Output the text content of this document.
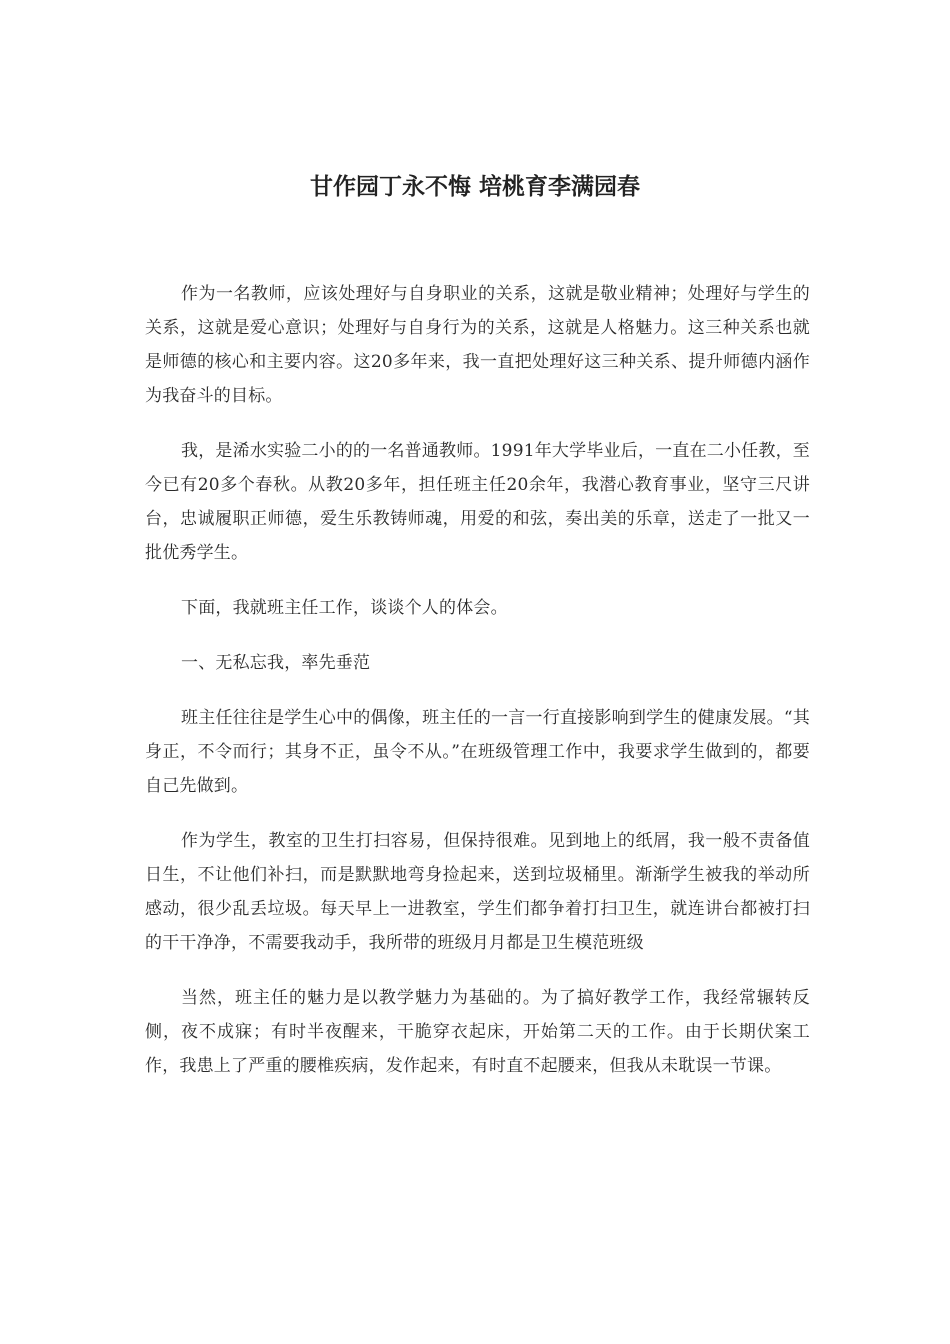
甘作园丁永不悔 培桃育李满园春

作为一名教师，应该处理好与自身职业的关系，这就是敬业精神；处理好与学生的关系，这就是爱心意识；处理好与自身行为的关系，这就是人格魅力。这三种关系也就是师德的核心和主要内容。这20多年来，我一直把处理好这三种关系、提升师德内涵作为我奋斗的目标。

我，是浠水实验二小的的一名普通教师。1991年大学毕业后，一直在二小任教，至今已有20多个春秋。从教20多年，担任班主任20余年，我潜心教育事业，坚守三尺讲台，忠诚履职正师德，爱生乐教铸师魂，用爱的和弦，奏出美的乐章，送走了一批又一批优秀学生。

下面，我就班主任工作，谈谈个人的体会。

一、无私忘我，率先垂范

班主任往往是学生心中的偶像，班主任的一言一行直接影响到学生的健康发展。“其身正，不令而行；其身不正，虽令不从。”在班级管理工作中，我要求学生做到的，都要自己先做到。

作为学生，教室的卫生打扫容易，但保持很难。见到地上的纸屑，我一般不责备值日生，不让他们补扫，而是默默地弯身捡起来，送到垃圾桶里。渐渐学生被我的举动所感动，很少乱丢垃圾。每天早上一进教室，学生们都争着打扫卫生，就连讲台都被打扫的干干净净，不需要我动手，我所带的班级月月都是卫生模范班级

当然，班主任的魅力是以教学魅力为基础的。为了搞好教学工作，我经常辗转反侧，夜不成寐；有时半夜醒来，干脆穿衣起床，开始第二天的工作。由于长期伏案工作，我患上了严重的腰椎疾病，发作起来，有时直不起腰来，但我从未耽误一节课。
